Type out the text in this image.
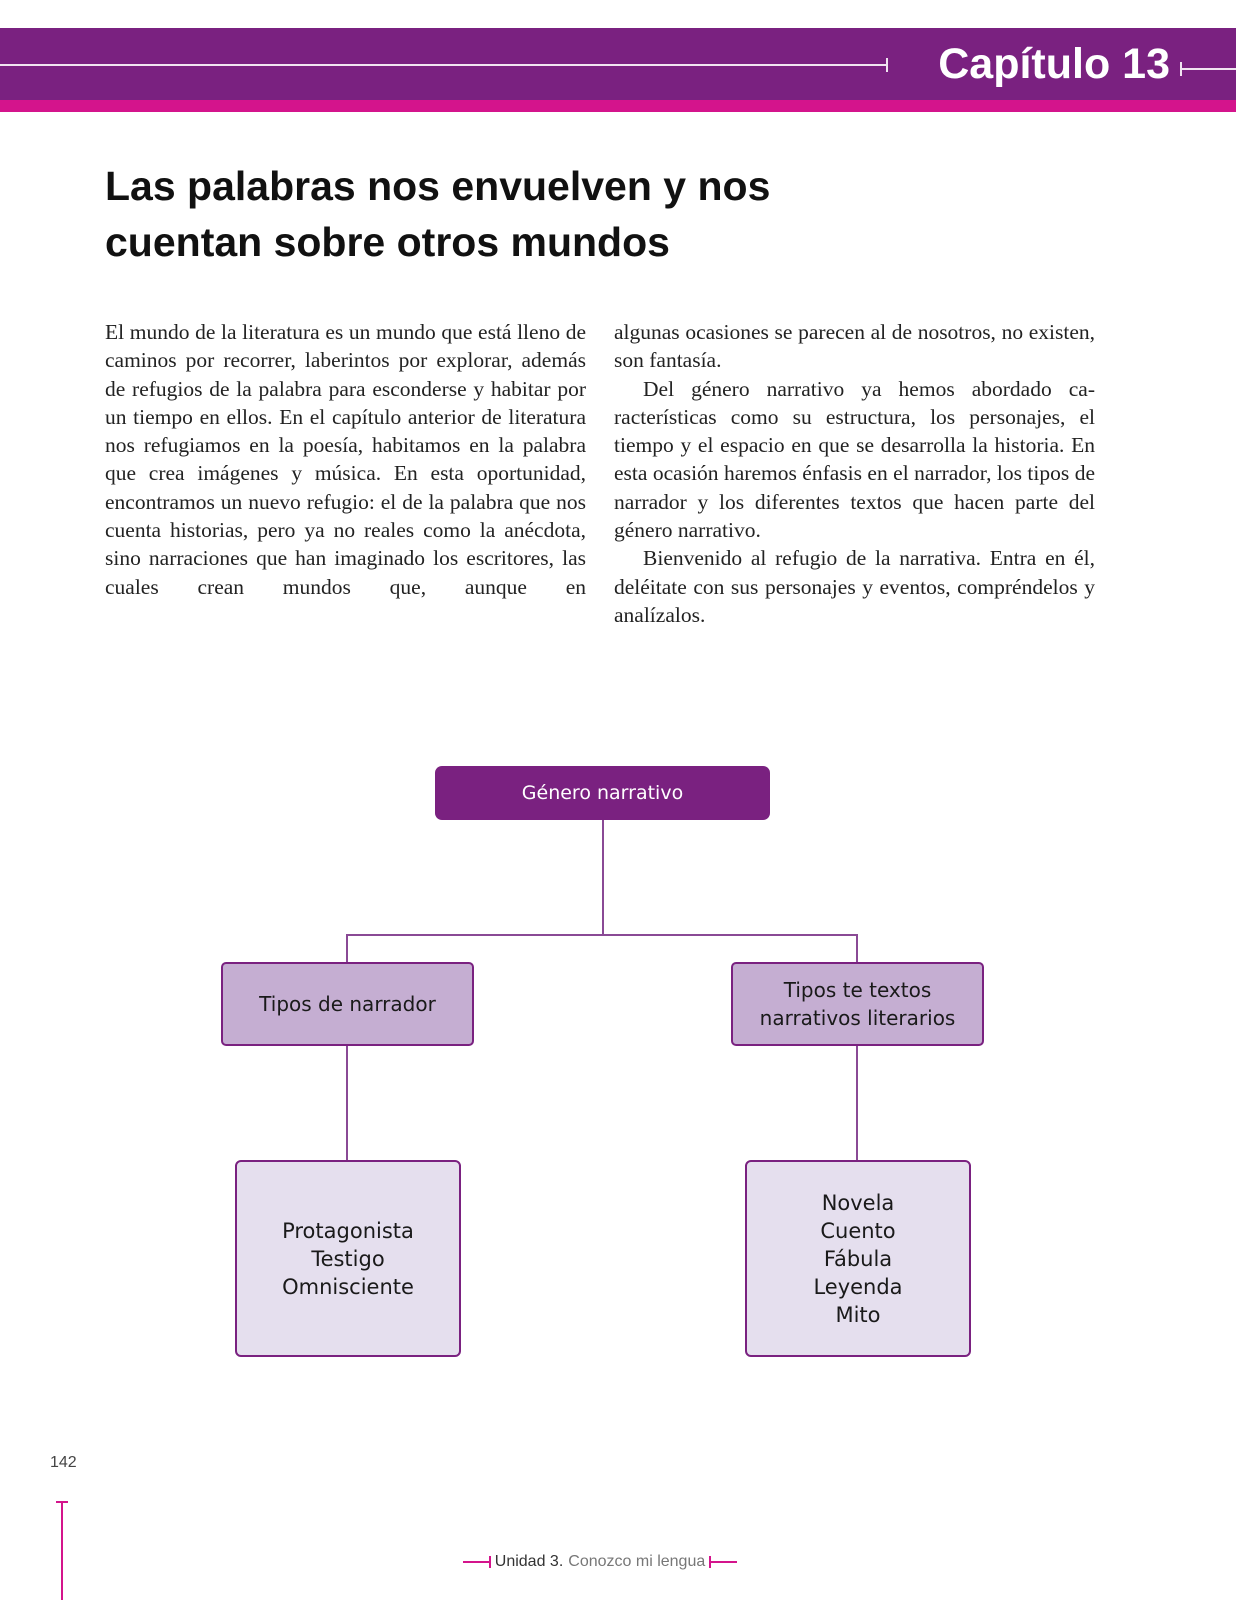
Capítulo 13
Las palabras nos envuelven y nos
cuentan sobre otros mundos

El mundo de la literatura es un mundo que está lleno de caminos por recorrer, laberintos por explorar, además de refugios de la palabra para esconderse y habitar por un tiempo en ellos. En el capítulo anterior de literatura nos refugiamos en la poesía, habitamos en la palabra que crea imágenes y música. En esta oportunidad, encontramos un nuevo refugio: el de la palabra que nos cuenta historias, pero ya no reales como la anécdota, sino narraciones que han imaginado los escritores, las cuales crean mundos que, aunque en

algunas ocasiones se parecen al de nosotros, no existen, son fantasía.

Del género narrativo ya hemos abordado características como su estructura, los personajes, el tiempo y el espacio en que se desarrolla la historia. En esta ocasión haremos énfasis en el narrador, los tipos de narrador y los diferentes textos que hacen parte del género narrativo.

Bienvenido al refugio de la narrativa. Entra en él, deléitate con sus personajes y eventos, compréndelos y analízalos.

Género narrativo
Tipos de narrador
Tipos te textos
narrativos literarios
Protagonista
Testigo
Omnisciente
Novela
Cuento
Fábula
Leyenda
Mito
142
Unidad 3. Conozco mi lengua
